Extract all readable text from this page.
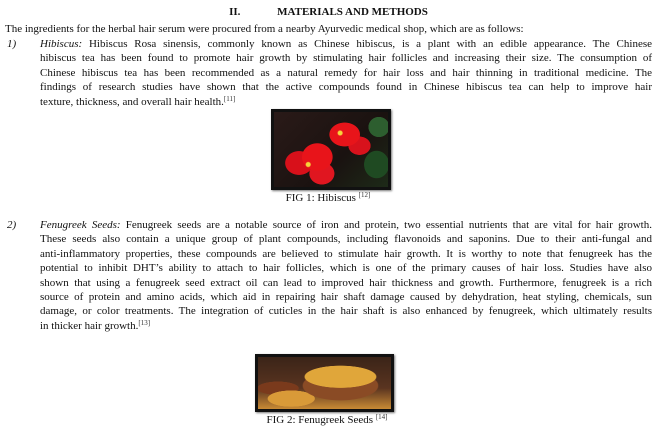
II.	MATERIALS AND METHODS
The ingredients for the herbal hair serum were procured from a nearby Ayurvedic medical shop, which are as follows:
1) Hibiscus: Hibiscus Rosa sinensis, commonly known as Chinese hibiscus, is a plant with an edible appearance. The Chinese
hibiscus tea has been found to promote hair growth by stimulating hair follicles and increasing their size. The consumption of
Chinese hibiscus tea has been recommended as a natural remedy for hair loss and hair thinning in traditional medicine. The
findings of research studies have shown that the active compounds found in Chinese hibiscus tea can help to improve hair
texture, thickness, and overall hair health.[11]
FIG 1: Hibiscus [12]
2) Fenugreek Seeds: Fenugreek seeds are a notable source of iron and protein, two essential nutrients that are vital for hair growth.
These seeds also contain a unique group of plant compounds, including flavonoids and saponins. Due to their anti-fungal and
anti-inflammatory properties, these compounds are believed to stimulate hair growth. It is worthy to note that fenugreek has the
potential to inhibit DHT’s ability to attach to hair follicles, which is one of the primary causes of hair loss. Studies have also
shown that using a fenugreek seed extract oil can lead to improved hair thickness and growth. Furthermore, fenugreek is a rich
source of protein and amino acids, which aid in repairing hair shaft damage caused by dehydration, heat styling, chemicals, sun
damage, or color treatments. The integration of cuticles in the hair shaft is also enhanced by fenugreek, which ultimately results
in thicker hair growth.[13]
FIG 2: Fenugreek Seeds [14]
